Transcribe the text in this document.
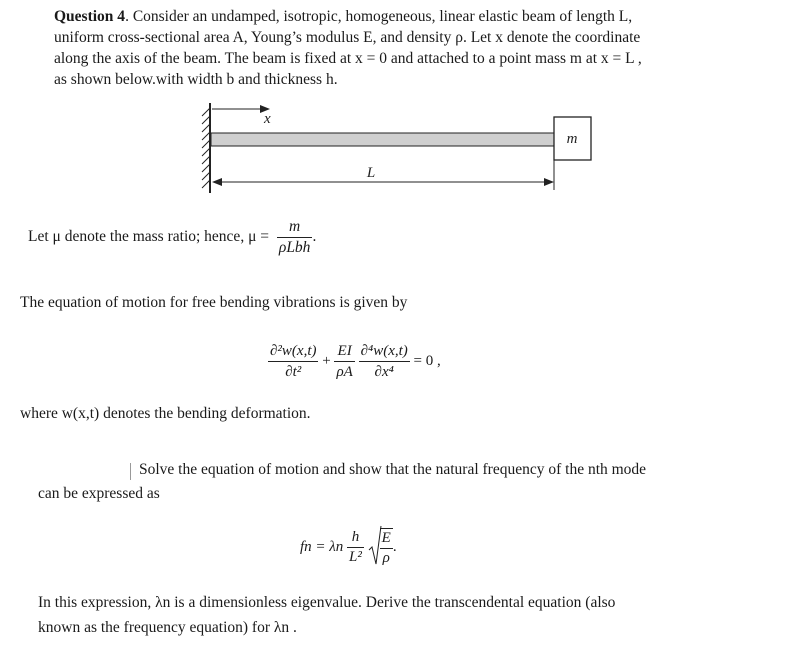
Question 4. Consider an undamped, isotropic, homogeneous, linear elastic beam of length L,
uniform cross-sectional area A, Young’s modulus E, and density ρ. Let x denote the coordinate
along the axis of the beam. The beam is fixed at x = 0 and attached to a point mass m at x = L ,
as shown below.with width b and thickness h.
x
m
L
Let μ denote the mass ratio; hence, $\mu = \frac{m}{\text{ρLbh}}$ .
The equation of motion for free bending vibrations is given by
$\frac{\text{∂²w(x,t)}}{\text{∂t²}} + \frac{EI}{\rho A}$
$\frac{\text{∂⁴w(x,t)}}{\text{∂x⁴}} = 0$ ,
where w(x,t) denotes the bending deformation.
Solve the equation of motion and show that the natural frequency of the nth mode
can be expressed as
fn = λn $\frac{h}{\text{L²}}$
$\frac{E}{\rho}$ .
In this expression, λn is a dimensionless eigenvalue. Derive the transcendental equation (also
known as the frequency equation) for λn .
